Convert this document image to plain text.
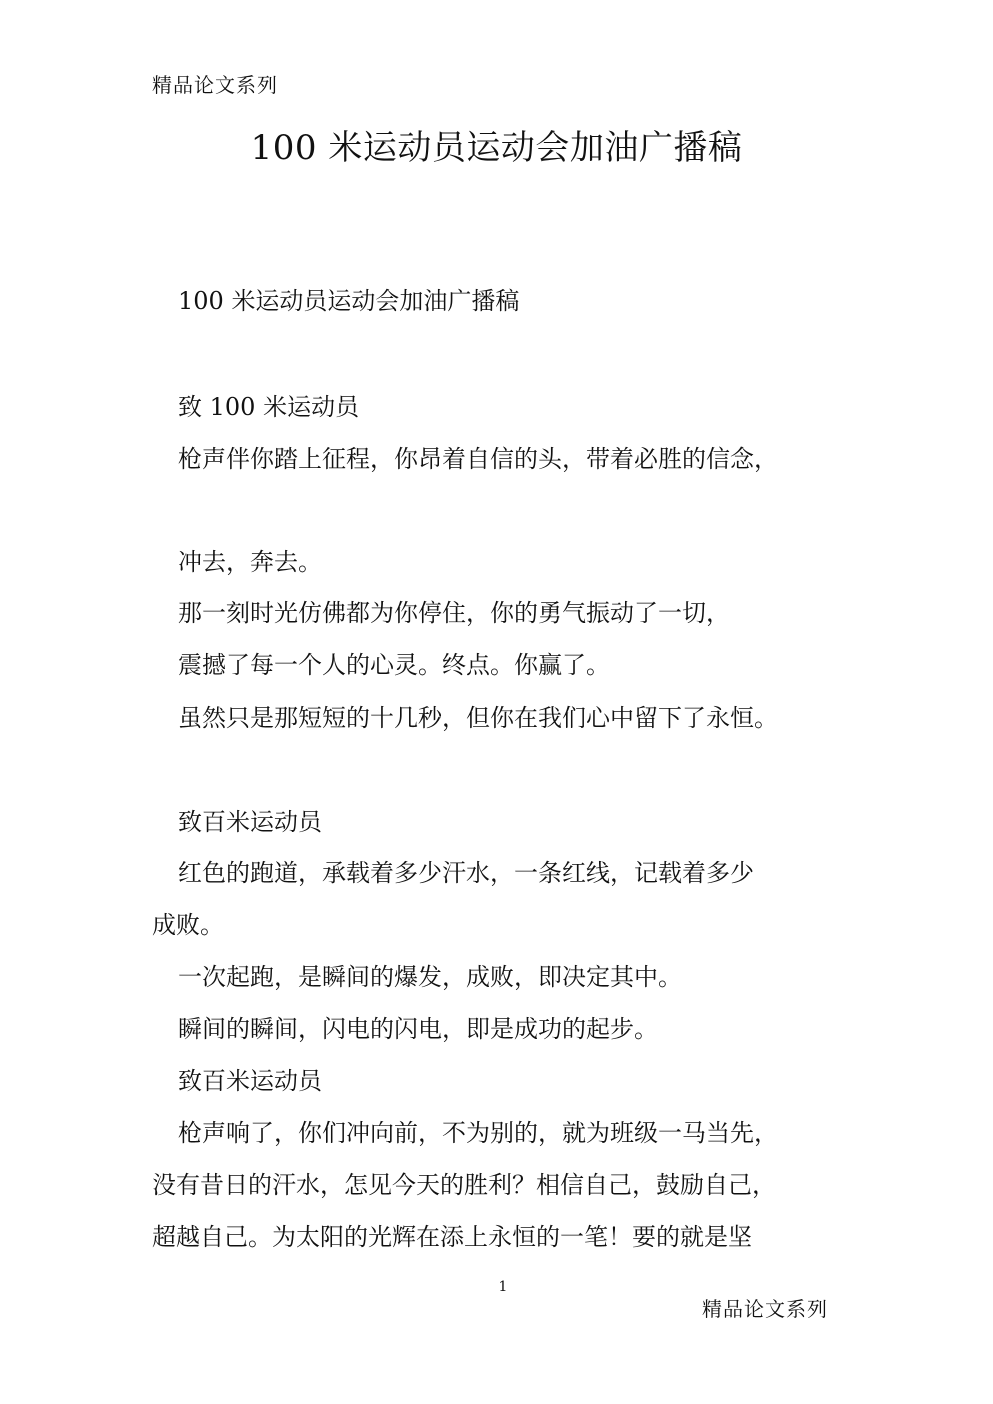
精品论文系列
100 米运动员运动会加油广播稿
100 米运动员运动会加油广播稿
致 100 米运动员
枪声伴你踏上征程，你昂着自信的头，带着必胜的信念，
冲去，奔去。
那一刻时光仿佛都为你停住，你的勇气振动了一切，
震撼了每一个人的心灵。终点。你赢了。
虽然只是那短短的十几秒，但你在我们心中留下了永恒。
致百米运动员
红色的跑道，承载着多少汗水，一条红线，记载着多少
成败。
一次起跑，是瞬间的爆发，成败，即决定其中。
瞬间的瞬间，闪电的闪电，即是成功的起步。
致百米运动员
枪声响了，你们冲向前，不为别的，就为班级一马当先，
没有昔日的汗水，怎见今天的胜利？相信自己，鼓励自己，
超越自己。为太阳的光辉在添上永恒的一笔！要的就是坚
1
精品论文系列
